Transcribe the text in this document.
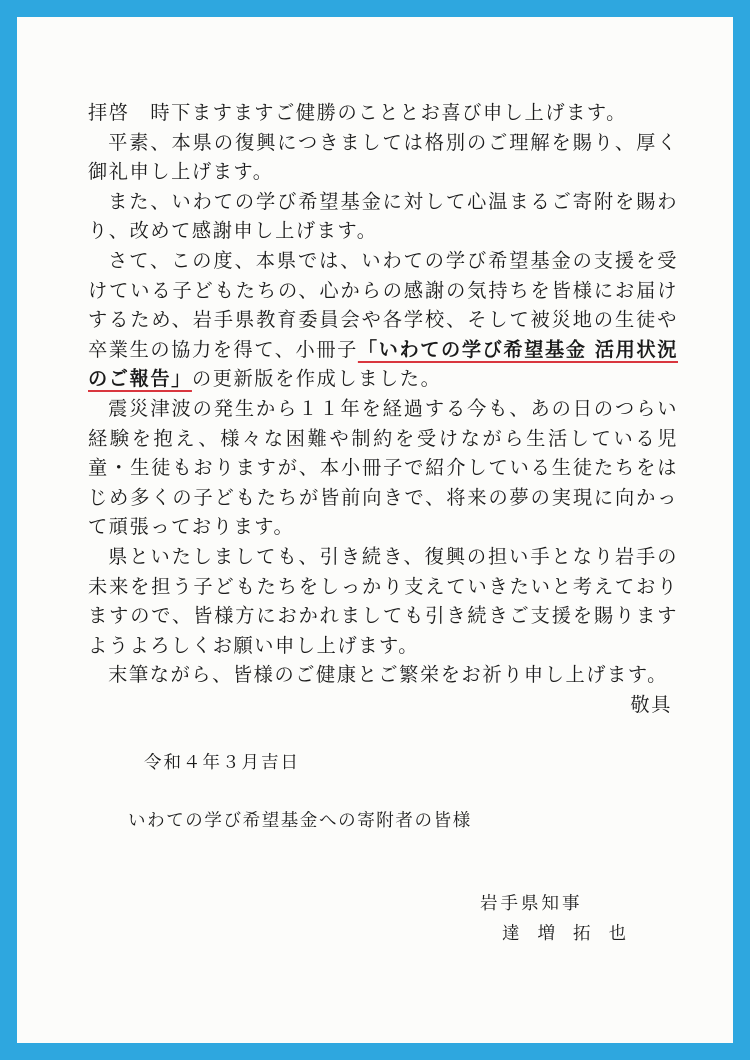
拝啓　時下ますますご健勝のこととお喜び申し上げます。

平素、本県の復興につきましては格別のご理解を賜り、厚く御礼申し上げます。

また、いわての学び希望基金に対して心温まるご寄附を賜わり、改めて感謝申し上げます。

さて、この度、本県では、いわての学び希望基金の支援を受けている子どもたちの、心からの感謝の気持ちを皆様にお届けするため、岩手県教育委員会や各学校、そして被災地の生徒や卒業生の協力を得て、小冊子「いわての学び希望基金 活用状況のご報告」の更新版を作成しました。

震災津波の発生から１１年を経過する今も、あの日のつらい経験を抱え、様々な困難や制約を受けながら生活している児童・生徒もおりますが、本小冊子で紹介している生徒たちをはじめ多くの子どもたちが皆前向きで、将来の夢の実現に向かって頑張っております。

県といたしましても、引き続き、復興の担い手となり岩手の未来を担う子どもたちをしっかり支えていきたいと考えておりますので、皆様方におかれましても引き続きご支援を賜りますようよろしくお願い申し上げます。

末筆ながら、皆様のご健康とご繁栄をお祈り申し上げます。

敬具

令和４年３月吉日
いわての学び希望基金への寄附者の皆様
岩手県知事
達増拓也
